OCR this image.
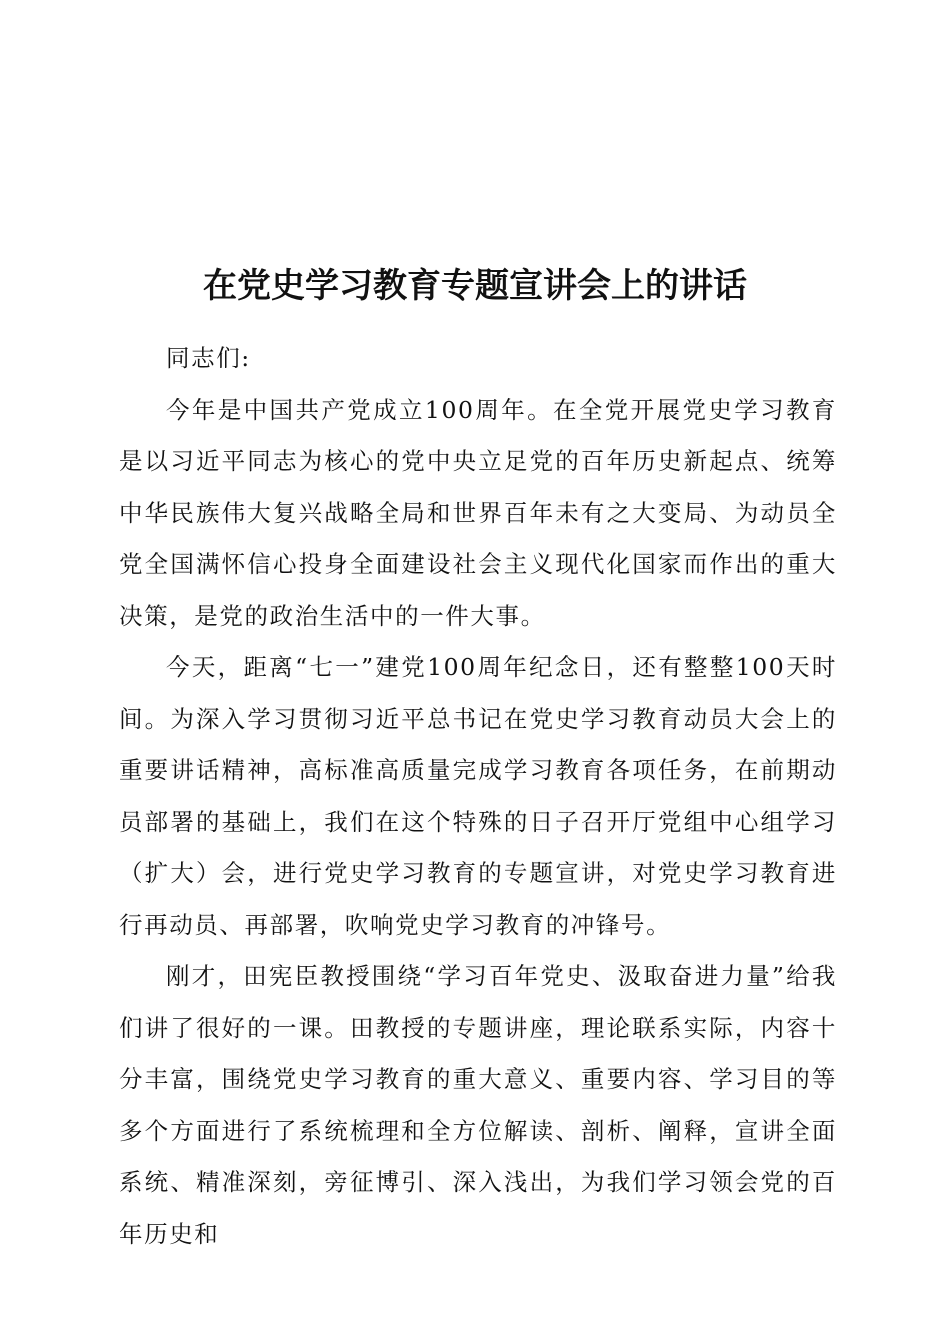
在党史学习教育专题宣讲会上的讲话

同志们:

今年是中国共产党成立100周年。在全党开展党史学习教育是以习近平同志为核心的党中央立足党的百年历史新起点、统筹中华民族伟大复兴战略全局和世界百年未有之大变局、为动员全党全国满怀信心投身全面建设社会主义现代化国家而作出的重大决策，是党的政治生活中的一件大事。

今天，距离“七一”建党100周年纪念日，还有整整100天时间。为深入学习贯彻习近平总书记在党史学习教育动员大会上的重要讲话精神，高标准高质量完成学习教育各项任务，在前期动员部署的基础上，我们在这个特殊的日子召开厅党组中心组学习（扩大）会，进行党史学习教育的专题宣讲，对党史学习教育进行再动员、再部署，吹响党史学习教育的冲锋号。

刚才，田宪臣教授围绕“学习百年党史、汲取奋进力量”给我们讲了很好的一课。田教授的专题讲座，理论联系实际，内容十分丰富，围绕党史学习教育的重大意义、重要内容、学习目的等多个方面进行了系统梳理和全方位解读、剖析、阐释，宣讲全面系统、精准深刻，旁征博引、深入浅出，为我们学习领会党的百年历史和
